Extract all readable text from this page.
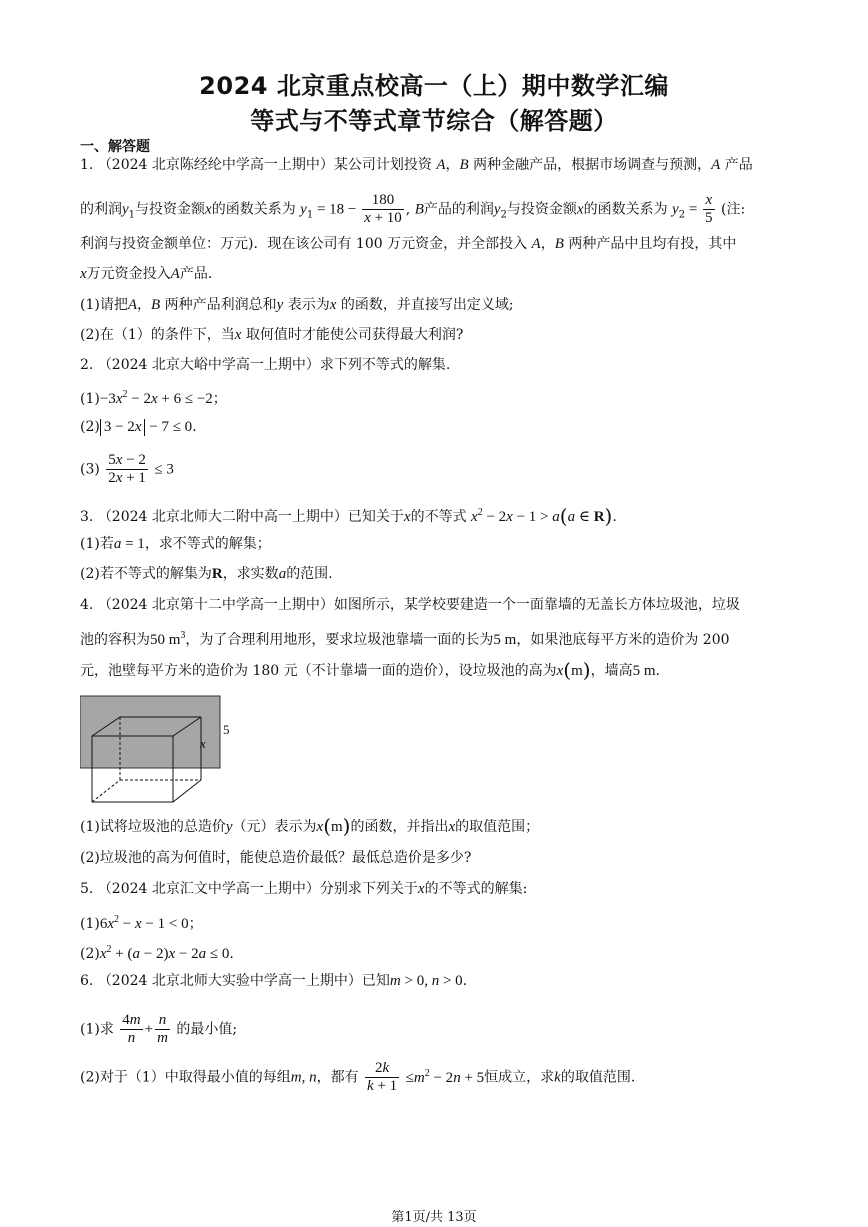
2024 北京重点校高一（上）期中数学汇编
等式与不等式章节综合（解答题）
一、解答题
1. （2024 北京陈经纶中学高一上期中）某公司计划投资 A，B 两种金融产品，根据市场调查与预测，A 产品
的利润$y_1$与投资金额x的函数关系为 $y_1 = 18 - \frac{180}{x + 10}$ , B产品的利润$y_2$与投资金额x的函数关系为 $y_2 = \frac{x}{5}$ (注:
利润与投资金额单位：万元)．现在该公司有 100 万元资金，并全部投入 A，B 两种产品中且均有投，其中
x万元资金投入A产品.
(1)请把A，B 两种产品利润总和y 表示为x 的函数，并直接写出定义域;
(2)在（1）的条件下，当x 取何值时才能使公司获得最大利润?
2. （2024 北京大峪中学高一上期中）求下列不等式的解集.
$(1)-3x^2 - 2x + 6 \le -2$；
(2) 3 − 2x − 7 ≤ 0．
$(3) \frac{5x - 2}{2x + 1} \le 3$
3. （2024 北京北师大二附中高一上期中）已知关于x的不等式 $x^2 - 2x - 1 > a(a$ ∈ R).
(1)若a = 1，求不等式的解集；
(2)若不等式的解集为R，求实数a的范围.
4. （2024 北京第十二中学高一上期中）如图所示，某学校要建造一个一面靠墙的无盖长方体垃圾池，垃圾
池的容积为50 $m^3$，为了合理利用地形，要求垃圾池靠墙一面的长为5 m，如果池底每平方米的造价为 200
元，池壁每平方米的造价为 180 元（不计靠墙一面的造价），设垃圾池的高为x(m)，墙高5 m.
x
5
(1)试将垃圾池的总造价y（元）表示为x(m)的函数，并指出x的取值范围；
(2)垃圾池的高为何值时，能使总造价最低？最低总造价是多少?
5. （2024 北京汇文中学高一上期中）分别求下列关于x的不等式的解集:
$(1)6x^2 - x - 1 < 0$；
$(2)x^2 + (a - 2)x - 2a \le 0$.
6. （2024 北京北师大实验中学高一上期中）已知m > 0, n > 0.
(1)求 $\frac{4m}{n} + \frac{n}{m}$ 的最小值;
(2)对于（1）中取得最小值的每组m, n，都有 $\frac{2k}{k + 1} \le m^2 - 2n + 5$恒成立，求k的取值范围.
第1页/共 13页
